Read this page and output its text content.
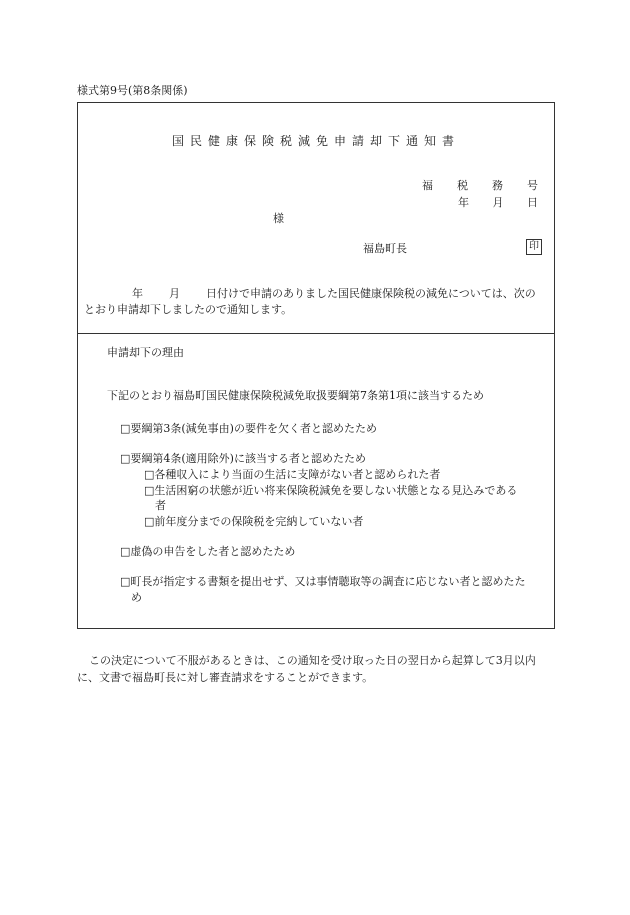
様式第9号(第8条関係)
国民健康保険税減免申請却下通知書
福 税 務 号
年 月 日
様
福島町長	印
年 月 日付けで申請のありました国民健康保険税の減免については、次の
とおり申請却下しましたので通知します。
申請却下の理由
下記のとおり福島町国民健康保険税減免取扱要綱第7条第1項に該当するため
□要綱第3条(減免事由)の要件を欠く者と認めたため
□要綱第4条(適用除外)に該当する者と認めたため
□各種収入により当面の生活に支障がない者と認められた者
□生活困窮の状態が近い将来保険税減免を要しない状態となる見込みである
者
□前年度分までの保険税を完納していない者
□虚偽の申告をした者と認めたため
□町長が指定する書類を提出せず、又は事情聴取等の調査に応じない者と認めたた
め
この決定について不服があるときは、この通知を受け取った日の翌日から起算して3月以内に、文書で福島町長に対し審査請求をすることができます。
